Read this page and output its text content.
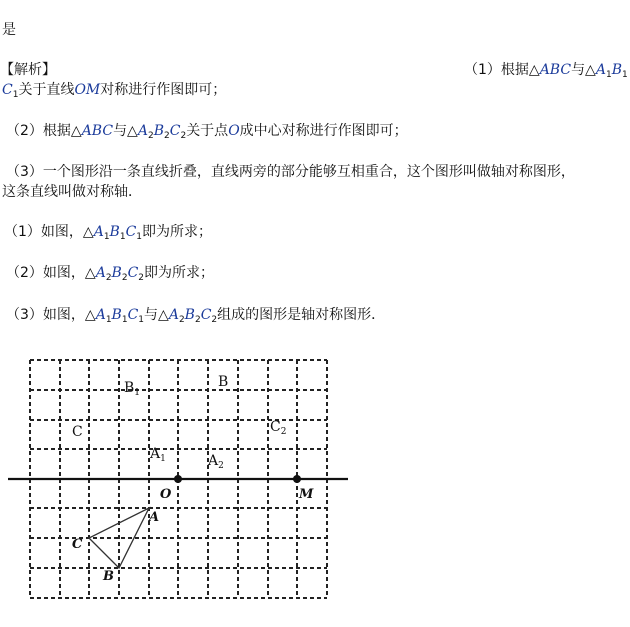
是
【解析】	（1）根据△ABC与$\triangle A_1B_1$
$C_1$关于直线OM对称进行作图即可；
（2）根据△ABC与$\triangle A_2B_2C_2$关于点O成中心对称进行作图即可；
（3）一个图形沿一条直线折叠，直线两旁的部分能够互相重合，这个图形叫做轴对称图形，
这条直线叫做对称轴．
（1）如图，$\triangle A_1B_1C_1$即为所求；
（2）如图，$\triangle A_2B_2C_2$即为所求；
（3）如图，$\triangle A_1B_1C_1$与$\triangle A_2B_2C_2$组成的图形是轴对称图形．
$B_1$
B
C	$C_2$
$A_1$	$A_2$
O	M
A
C
B
